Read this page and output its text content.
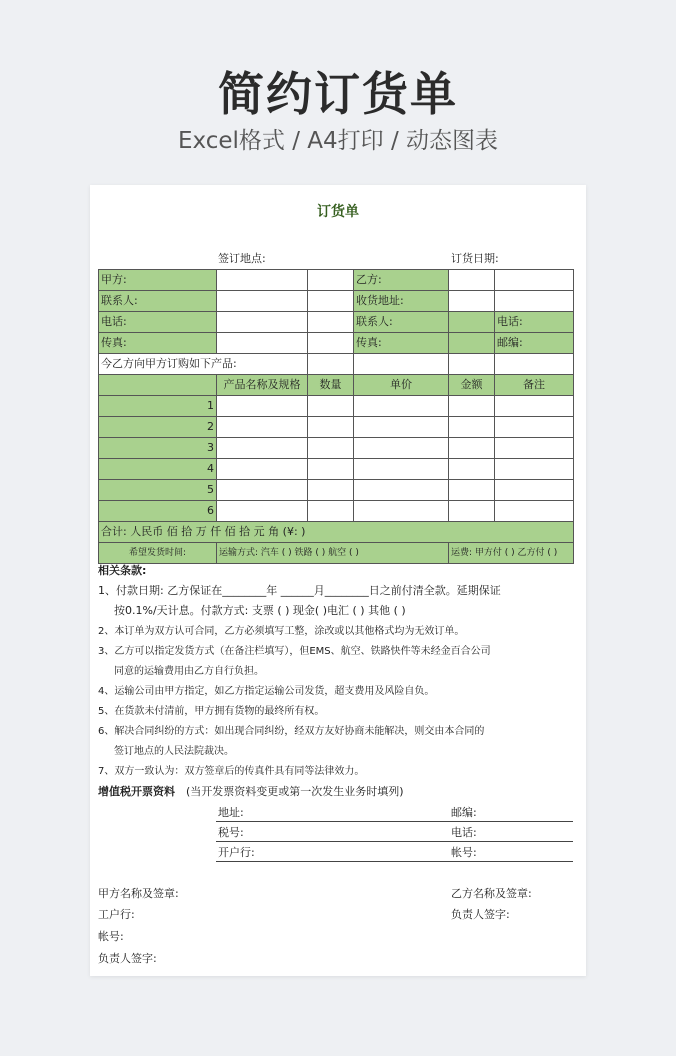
简约订货单
Excel格式 / A4打印 / 动态图表
订货单
签订地点:	订货日期:
甲方:			乙方:		
联系人:			收货地址:		
电话:			联系人:		电话:
传真:			传真:		邮编:
今乙方向甲方订购如下产品:					
	产品名称及规格	数量	单价	金额	备注
1					
2					
3					
4					
5					
6					
合计: 人民币 佰 拾 万 仟 佰 拾 元 角 (¥: )					
希望发货时间:	运输方式: 汽车 ( ) 铁路 ( ) 航空 ( )			运费: 甲方付 ( ) 乙方付 ( )	
相关条款:
1、付款日期: 乙方保证在________年 ______月________日之前付清全款。延期保证
按0.1%/天计息。付款方式: 支票 ( ) 现金( )电汇 ( ) 其他 ( )
2、本订单为双方认可合同，乙方必须填写工整，涂改或以其他格式均为无效订单。
3、乙方可以指定发货方式（在备注栏填写），但EMS、航空、铁路快件等未经金百合公司
同意的运输费用由乙方自行负担。
4、运输公司由甲方指定，如乙方指定运输公司发货，超支费用及风险自负。
5、在货款未付清前，甲方拥有货物的最终所有权。
6、解决合同纠纷的方式：如出现合同纠纷，经双方友好协商未能解决，则交由本合同的
签订地点的人民法院裁决。
7、双方一致认为：双方签章后的传真件具有同等法律效力。
增值税开票资料 (当开发票资料变更或第一次发生业务时填列)
地址:	邮编:
税号:	电话:
开户行:	帐号:
甲方名称及签章:	乙方名称及签章:
工户行:	负责人签字:
帐号:
负责人签字:
